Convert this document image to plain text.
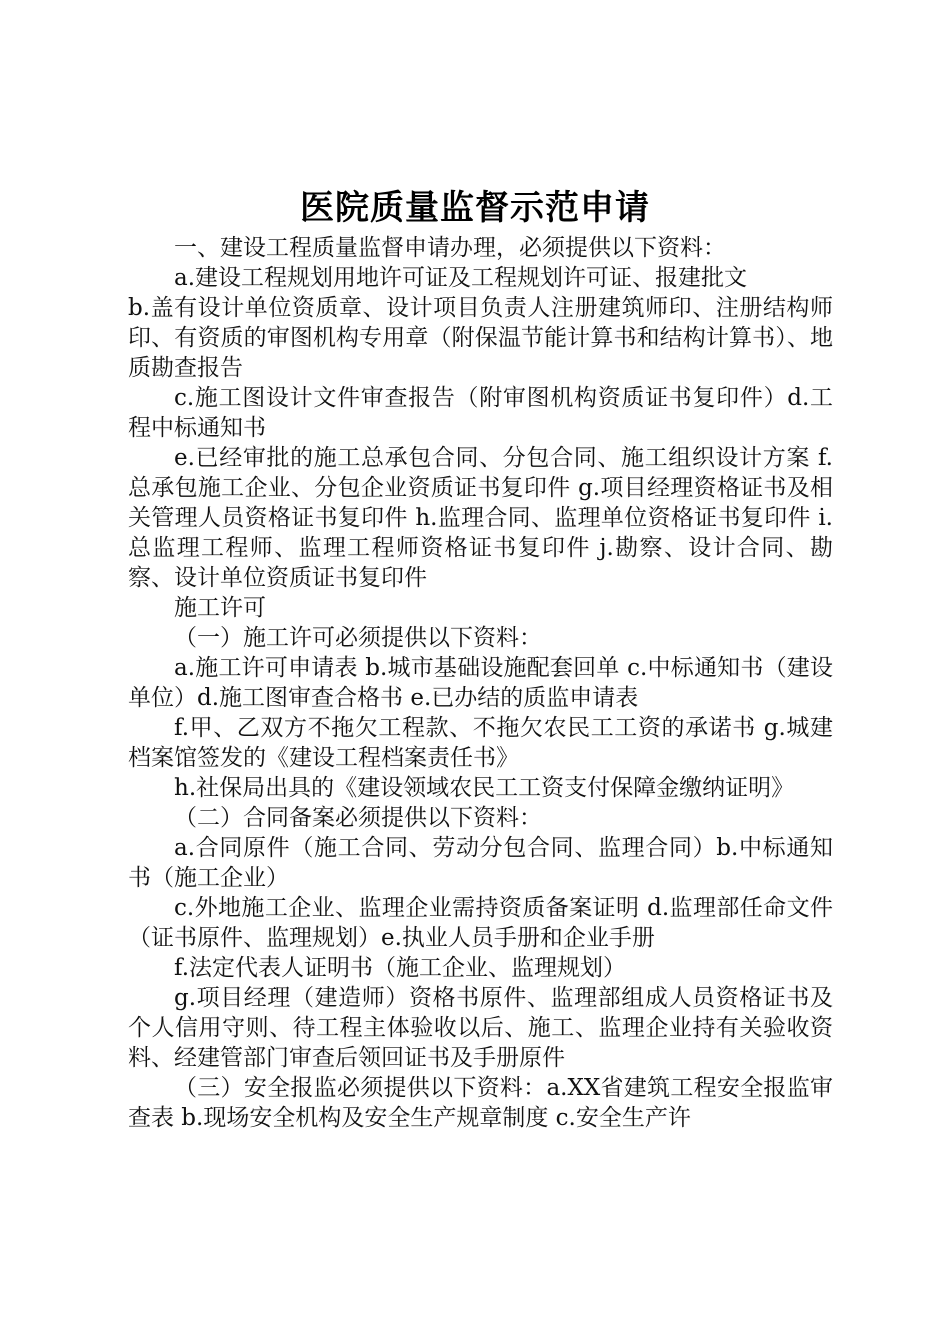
医院质量监督示范申请

一、建设工程质量监督申请办理，必须提供以下资料：

a.建设工程规划用地许可证及工程规划许可证、报建批文

b.盖有设计单位资质章、设计项目负责人注册建筑师印、注册结构师印、有资质的审图机构专用章（附保温节能计算书和结构计算书）、地质勘查报告

c.施工图设计文件审查报告（附审图机构资质证书复印件）d.工程中标通知书

e.已经审批的施工总承包合同、分包合同、施工组织设计方案 f.总承包施工企业、分包企业资质证书复印件 g.项目经理资格证书及相关管理人员资格证书复印件 h.监理合同、监理单位资格证书复印件 i.总监理工程师、监理工程师资格证书复印件 j.勘察、设计合同、勘察、设计单位资质证书复印件

施工许可

（一）施工许可必须提供以下资料：

a.施工许可申请表 b.城市基础设施配套回单 c.中标通知书（建设单位）d.施工图审查合格书 e.已办结的质监申请表

f.甲、乙双方不拖欠工程款、不拖欠农民工工资的承诺书 g.城建档案馆签发的《建设工程档案责任书》

h.社保局出具的《建设领域农民工工资支付保障金缴纳证明》

（二）合同备案必须提供以下资料：

a.合同原件（施工合同、劳动分包合同、监理合同）b.中标通知书（施工企业）

c.外地施工企业、监理企业需持资质备案证明 d.监理部任命文件（证书原件、监理规划）e.执业人员手册和企业手册

f.法定代表人证明书（施工企业、监理规划）

g.项目经理（建造师）资格书原件、监理部组成人员资格证书及个人信用守则、待工程主体验收以后、施工、监理企业持有关验收资料、经建管部门审查后领回证书及手册原件

（三）安全报监必须提供以下资料：a.XX省建筑工程安全报监审查表 b.现场安全机构及安全生产规章制度 c.安全生产许
